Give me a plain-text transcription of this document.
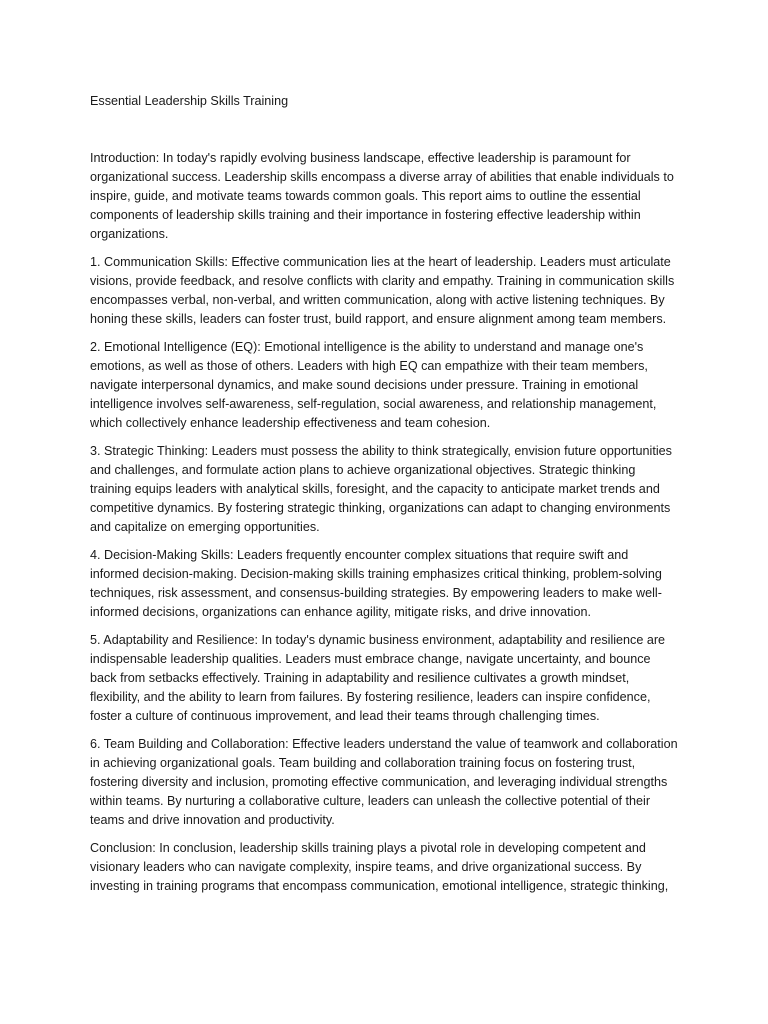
Essential Leadership Skills Training

Introduction: In today's rapidly evolving business landscape, effective leadership is paramount for organizational success. Leadership skills encompass a diverse array of abilities that enable individuals to inspire, guide, and motivate teams towards common goals. This report aims to outline the essential components of leadership skills training and their importance in fostering effective leadership within organizations.

1. Communication Skills: Effective communication lies at the heart of leadership. Leaders must articulate visions, provide feedback, and resolve conflicts with clarity and empathy. Training in communication skills encompasses verbal, non-verbal, and written communication, along with active listening techniques. By honing these skills, leaders can foster trust, build rapport, and ensure alignment among team members.

2. Emotional Intelligence (EQ): Emotional intelligence is the ability to understand and manage one's emotions, as well as those of others. Leaders with high EQ can empathize with their team members, navigate interpersonal dynamics, and make sound decisions under pressure. Training in emotional intelligence involves self-awareness, self-regulation, social awareness, and relationship management, which collectively enhance leadership effectiveness and team cohesion.

3. Strategic Thinking: Leaders must possess the ability to think strategically, envision future opportunities and challenges, and formulate action plans to achieve organizational objectives. Strategic thinking training equips leaders with analytical skills, foresight, and the capacity to anticipate market trends and competitive dynamics. By fostering strategic thinking, organizations can adapt to changing environments and capitalize on emerging opportunities.

4. Decision-Making Skills: Leaders frequently encounter complex situations that require swift and informed decision-making. Decision-making skills training emphasizes critical thinking, problem-solving techniques, risk assessment, and consensus-building strategies. By empowering leaders to make well-informed decisions, organizations can enhance agility, mitigate risks, and drive innovation.

5. Adaptability and Resilience: In today's dynamic business environment, adaptability and resilience are indispensable leadership qualities. Leaders must embrace change, navigate uncertainty, and bounce back from setbacks effectively. Training in adaptability and resilience cultivates a growth mindset, flexibility, and the ability to learn from failures. By fostering resilience, leaders can inspire confidence, foster a culture of continuous improvement, and lead their teams through challenging times.

6. Team Building and Collaboration: Effective leaders understand the value of teamwork and collaboration in achieving organizational goals. Team building and collaboration training focus on fostering trust, fostering diversity and inclusion, promoting effective communication, and leveraging individual strengths within teams. By nurturing a collaborative culture, leaders can unleash the collective potential of their teams and drive innovation and productivity.

Conclusion: In conclusion, leadership skills training plays a pivotal role in developing competent and visionary leaders who can navigate complexity, inspire teams, and drive organizational success. By investing in training programs that encompass communication, emotional intelligence, strategic thinking,
